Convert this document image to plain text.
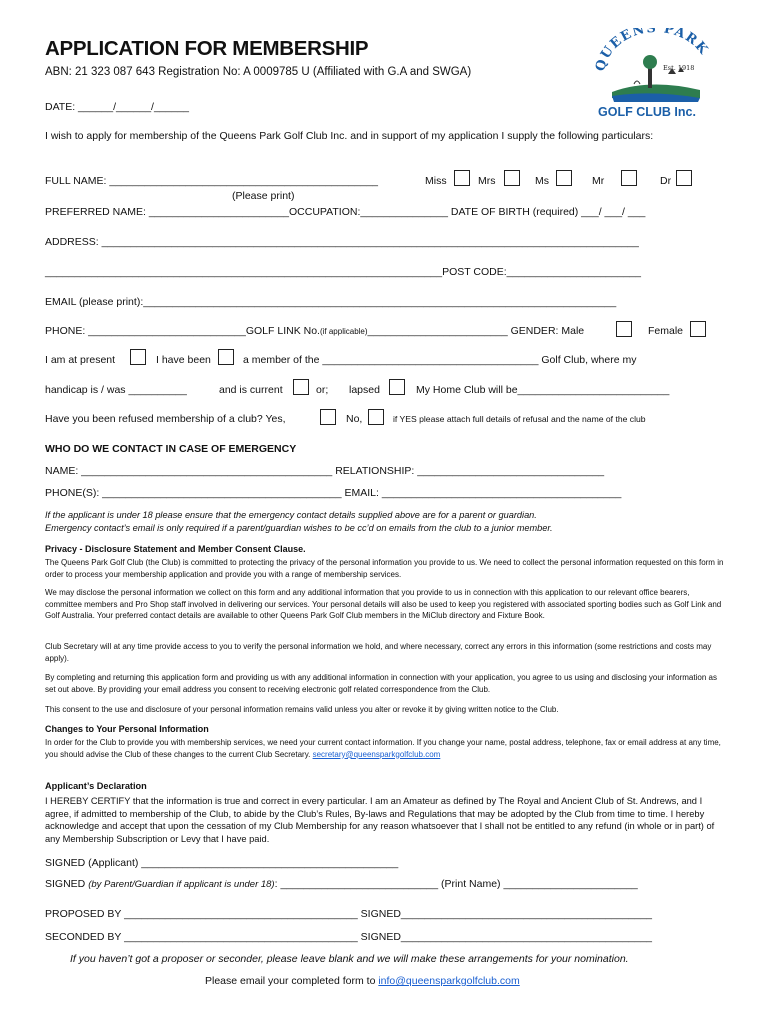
APPLICATION FOR MEMBERSHIP
ABN: 21 323 087 643 Registration No: A 0009785 U (Affiliated with G.A and SWGA)	QUEENS PARK
Est. 1918
GOLF CLUB Inc.
DATE: ______/______/______
I wish to apply for membership of the Queens Park Golf Club Inc. and in support of my application I supply the following particulars:
FULL NAME: ______________________________________________	Miss	Mrs	Ms	Mr	Dr
(Please print)
PREFERRED NAME: ________________________OCCUPATION:_______________ DATE OF BIRTH (required) ___/ ___/ ___
ADDRESS: ____________________________________________________________________________________________
____________________________________________________________________POST CODE:_______________________
EMAIL (please print):_________________________________________________________________________________
PHONE: ___________________________GOLF LINK No.(if applicable)________________________ GENDER: Male	Female
I am at present	I have been	a member of the _____________________________________ Golf Club, where my
handicap is / was __________	and is current	or; lapsed	My Home Club will be__________________________
Have you been refused membership of a club? Yes,	No,	if YES please attach full details of refusal and the name of the club
WHO DO WE CONTACT IN CASE OF EMERGENCY
NAME: ___________________________________________ RELATIONSHIP: ________________________________
PHONE(S): _________________________________________ EMAIL: _________________________________________
If the applicant is under 18 please ensure that the emergency contact details supplied above are for a parent or guardian.
Emergency contact’s email is only required if a parent/guardian wishes to be cc’d on emails from the club to a junior member.
Privacy - Disclosure Statement and Member Consent Clause.
The Queens Park Golf Club (the Club) is committed to protecting the privacy of the personal information you provide to us. We need to collect the personal information requested on this form in order to process your membership application and provide you with a range of membership services.
We may disclose the personal information we collect on this form and any additional information that you provide to us in connection with this application to our relevant office bearers, committee members and Pro Shop staff involved in delivering our services. Your personal details will also be used to keep you registered with associated sporting bodies such as Golf Link and Golf Australia. Your preferred contact details are available to other Queens Park Golf Club members in the MiClub directory and Fixture Book.
Club Secretary will at any time provide access to you to verify the personal information we hold, and where necessary, correct any errors in this information (some restrictions and costs may apply).
By completing and returning this application form and providing us with any additional information in connection with your application, you agree to us using and disclosing your information as set out above. By providing your email address you consent to receiving electronic golf related correspondence from the Club.
This consent to the use and disclosure of your personal information remains valid unless you alter or revoke it by giving written notice to the Club.
Changes to Your Personal Information
In order for the Club to provide you with membership services, we need your current contact information. If you change your name, postal address, telephone, fax or email address at any time, you should advise the Club of these changes to the current Club Secretary. secretary@queensparkgolfclub.com
Applicant’s Declaration
I HEREBY CERTIFY that the information is true and correct in every particular. I am an Amateur as defined by The Royal and Ancient Club of St. Andrews, and I agree, if admitted to membership of the Club, to abide by the Club’s Rules, By-laws and Regulations that may be adopted by the Club from time to time. I hereby acknowledge and accept that upon the cessation of my Club Membership for any reason whatsoever that I shall not be entitled to any refund (in whole or in part) of any Membership Subscription or Levy that I have paid.
SIGNED (Applicant) ____________________________________________
SIGNED (by Parent/Guardian if applicant is under 18): ___________________________ (Print Name) _______________________
PROPOSED BY ________________________________________ SIGNED___________________________________________
SECONDED BY ________________________________________ SIGNED___________________________________________
If you haven’t got a proposer or seconder, please leave blank and we will make these arrangements for your nomination.
Please email your completed form to info@queensparkgolfclub.com
